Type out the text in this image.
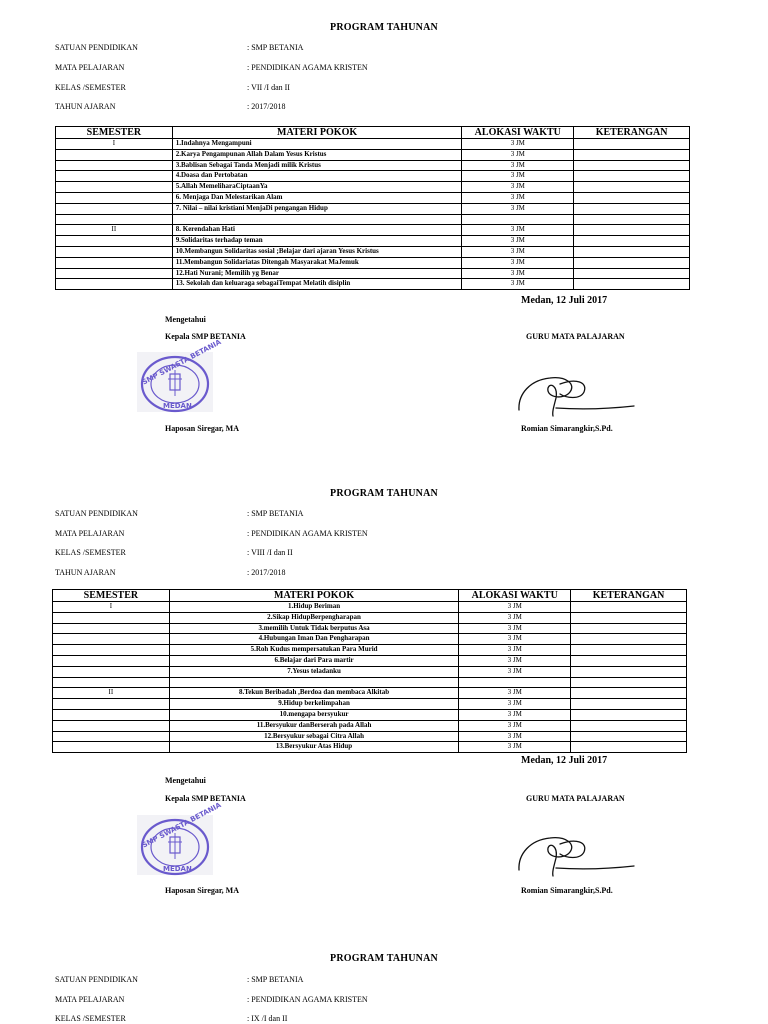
PROGRAM TAHUNAN
SATUAN PENDIDIKAN	: SMP BETANIA
MATA PELAJARAN	: PENDIDIKAN AGAMA KRISTEN
KELAS /SEMESTER	: VII /I dan II
TAHUN AJARAN	: 2017/2018
SEMESTER	MATERI POKOK	ALOKASI WAKTU	KETERANGAN
I	1.Indahnya Mengampuni	3 JM	
	2.Karya Pengampunan Allah Dalam Yesus Kristus	3 JM	
	3.Bablisan Sebagai Tanda Menjadi milik Kristus	3 JM	
	4.Doasa dan Pertobatan	3 JM	
	5.Allah MemeliharaCiptaanYa	3 JM	
	6. Menjaga Dan Melestarikan Alam	3 JM	
	7. Nilai – nilai kristiani MenjaDi pengangan Hidup	3 JM	

II	8. Kerendahan Hati	3 JM	
	9.Solidaritas terhadap teman	3 JM	
	10.Membangun Solidaritas sosial ;Belajar dari ajaran Yesus Kristus	3 JM	
	11.Membangun Solidariatas Ditengah Masyarakat MaJemuk	3 JM	
	12.Hati Nurani; Memilih yg Benar	3 JM	
	13. Sekolah dan keluaraga sebagaiTempat Melatih disiplin	3 JM	
Medan, 12 Juli 2017
Mengetahui
Kepala SMP BETANIA	GURU MATA PALAJARAN
SMP SWASTA BETANIA
MEDAN
Haposan Siregar, MA	Romian Simarangkir,S.Pd.
PROGRAM TAHUNAN
SATUAN PENDIDIKAN	: SMP BETANIA
MATA PELAJARAN	: PENDIDIKAN AGAMA KRISTEN
KELAS /SEMESTER	: VIII /I dan II
TAHUN AJARAN	: 2017/2018
SEMESTER	MATERI POKOK	ALOKASI WAKTU	KETERANGAN
I	1.Hidup Beriman	3 JM	
	2.Sikap HidupBerpengharapan	3 JM	
	3.memilih Untuk Tidak berputus Asa	3 JM	
	4.Hubungan Iman Dan Pengharapan	3 JM	
	5.Roh Kudus mempersatukan Para Murid	3 JM	
	6.Belajar dari Para martir	3 JM	
	7.Yesus teladanku	3 JM	

II	8.Tekun Beribadah ,Berdoa dan membaca Alkitab	3 JM	
	9.Hidup berkelimpahan	3 JM	
	10.mengapa bersyukur	3 JM	
	11.Bersyukur danBerserah pada Allah	3 JM	
	12.Bersyukur sebagai Citra Allah	3 JM	
	13.Bersyukur Atas Hidup	3 JM	
Medan, 12 Juli 2017
Mengetahui
Kepala SMP BETANIA	GURU MATA PALAJARAN
SMP SWASTA BETANIA
MEDAN
Haposan Siregar, MA	Romian Simarangkir,S.Pd.
PROGRAM TAHUNAN
SATUAN PENDIDIKAN	: SMP BETANIA
MATA PELAJARAN	: PENDIDIKAN AGAMA KRISTEN
KELAS /SEMESTER	: IX /I dan II
